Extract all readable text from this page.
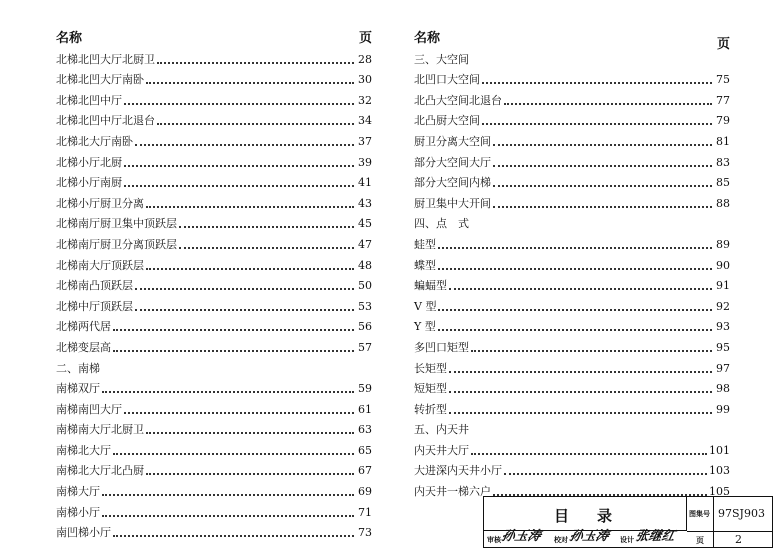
名称	页
北梯北凹大厅北厨卫	28
北梯北凹大厅南卧	30
北梯北凹中厅	32
北梯北凹中厅北退台	34
北梯北大厅南卧	37
北梯小厅北厨	39
北梯小厅南厨	41
北梯小厅厨卫分离	43
北梯南厅厨卫集中顶跃层	45
北梯南厅厨卫分离顶跃层	47
北梯南大厅顶跃层	48
北梯南凸顶跃层	50
北梯中厅顶跃层	53
北梯两代居	56
北梯变层高	57
二、南梯
南梯双厅	59
南梯南凹大厅	61
南梯南大厅北厨卫	63
南梯北大厅	65
南梯北大厅北凸厨	67
南梯大厅	69
南梯小厅	71
南凹梯小厅	73
名称	页
三、大空间
北凹口大空间	75
北凸大空间北退台	77
北凸厨大空间	79
厨卫分离大空间	81
部分大空间大厅	83
部分大空间内梯	85
厨卫集中大开间	88
四、点　式
蛙型	89
蝶型	90
蝙蝠型	91
V 型	92
Y 型	93
多凹口矩型	95
长矩型	97
短矩型	98
转折型	99
五、内天井
内天井大厅	101
大进深内天井小厅	103
内天井一梯六户	105
目录	图集号 97SJ903
审核
孙玉涛 校对 孙玉涛 设计 张继红 页	2
